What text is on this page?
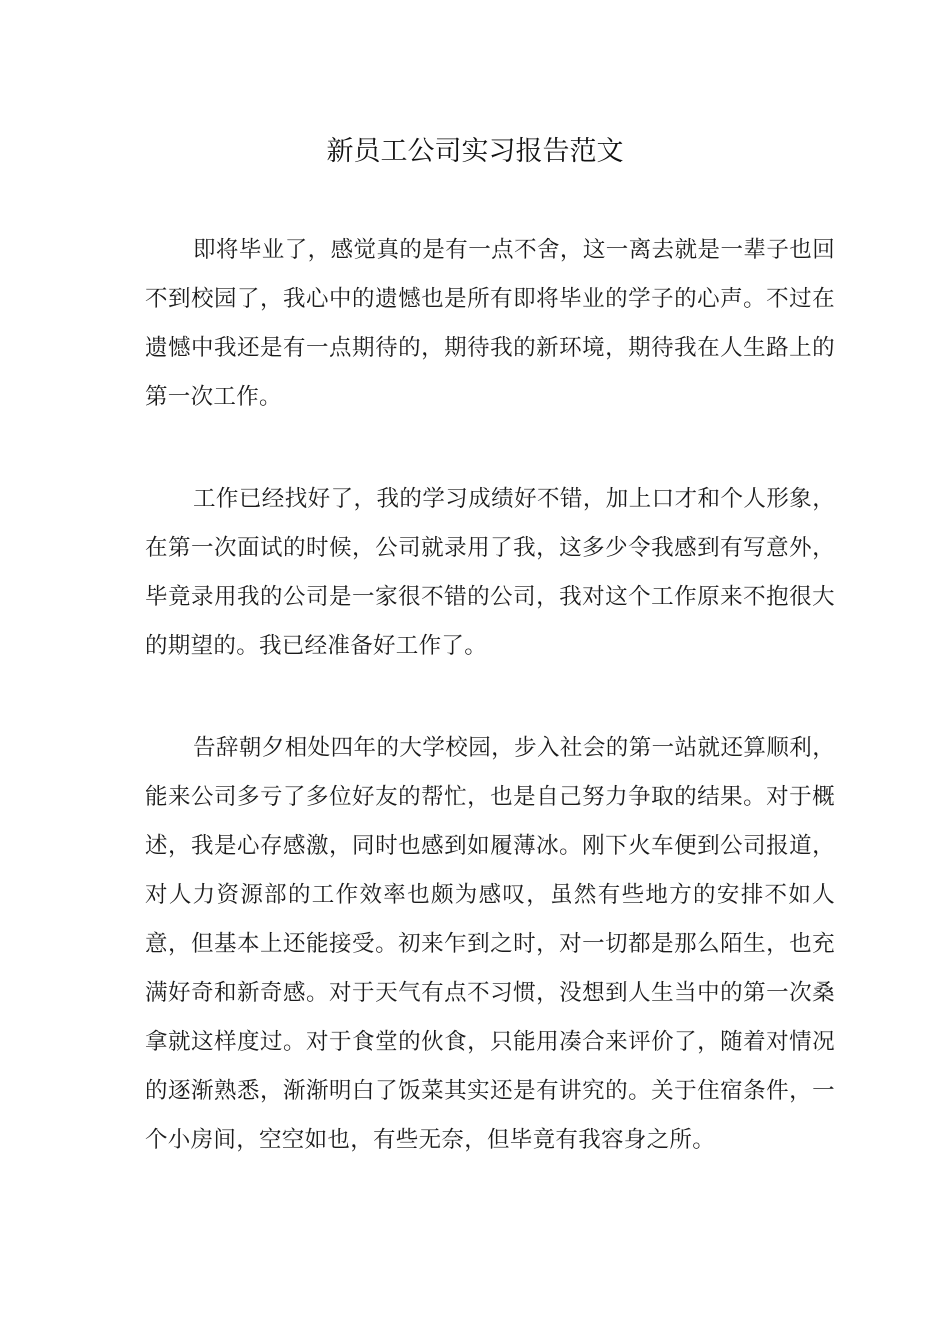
新员工公司实习报告范文

即将毕业了，感觉真的是有一点不舍，这一离去就是一辈子也回不到校园了，我心中的遗憾也是所有即将毕业的学子的心声。不过在遗憾中我还是有一点期待的，期待我的新环境，期待我在人生路上的第一次工作。

工作已经找好了，我的学习成绩好不错，加上口才和个人形象，在第一次面试的时候，公司就录用了我，这多少令我感到有写意外，毕竟录用我的公司是一家很不错的公司，我对这个工作原来不抱很大的期望的。我已经准备好工作了。

告辞朝夕相处四年的大学校园，步入社会的第一站就还算顺利，能来公司多亏了多位好友的帮忙，也是自己努力争取的结果。对于概述，我是心存感激，同时也感到如履薄冰。刚下火车便到公司报道，对人力资源部的工作效率也颇为感叹，虽然有些地方的安排不如人意，但基本上还能接受。初来乍到之时，对一切都是那么陌生，也充满好奇和新奇感。对于天气有点不习惯，没想到人生当中的第一次桑拿就这样度过。对于食堂的伙食，只能用凑合来评价了，随着对情况的逐渐熟悉，渐渐明白了饭菜其实还是有讲究的。关于住宿条件，一个小房间，空空如也，有些无奈，但毕竟有我容身之所。
